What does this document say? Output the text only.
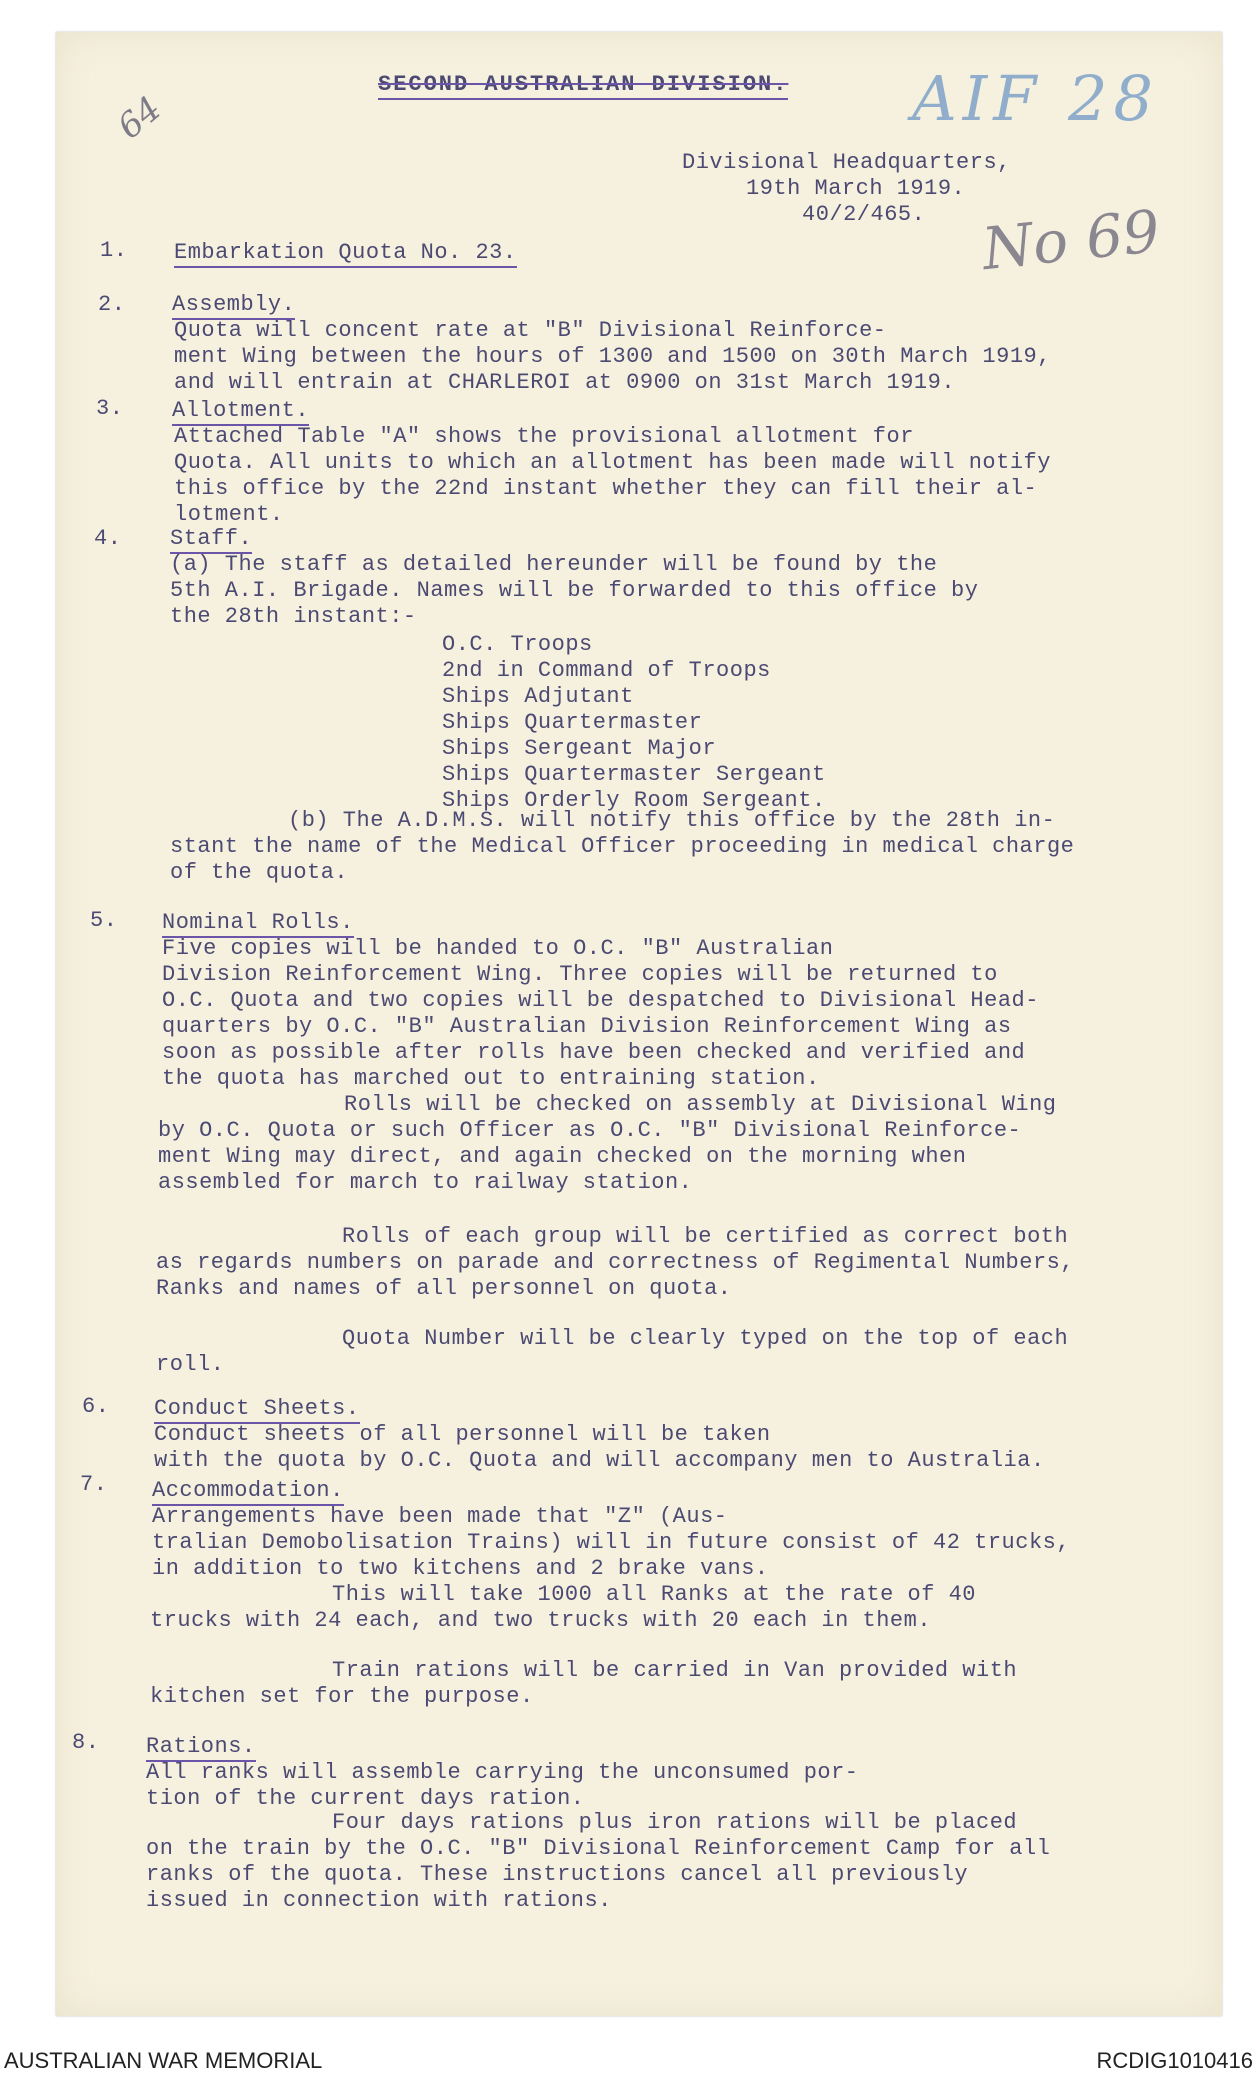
64	AIF 28
No 69
SECOND AUSTRALIAN DIVISION.
Divisional Headquarters,
19th March 1919.
40/2/465.
1. Embarkation Quota No. 23.
2. Assembly.
Quota will concent rate at "B" Divisional Reinforce-
ment Wing between the hours of 1300 and 1500 on 30th March 1919,
and will entrain at CHARLEROI at 0900 on 31st March 1919.
3. Allotment.
Attached Table "A" shows the provisional allotment for
Quota. All units to which an allotment has been made will notify
this office by the 22nd instant whether they can fill their al-
lotment.
4. Staff.
(a) The staff as detailed hereunder will be found by the
5th A.I. Brigade. Names will be forwarded to this office by
the 28th instant:-
O.C. Troops
2nd in Command of Troops
Ships Adjutant
Ships Quartermaster
Ships Sergeant Major
Ships Quartermaster Sergeant
Ships Orderly Room Sergeant.
(b) The A.D.M.S. will notify this office by the 28th in-
stant the name of the Medical Officer proceeding in medical charge
of the quota.
5. Nominal Rolls.
Five copies will be handed to O.C. "B" Australian
Division Reinforcement Wing. Three copies will be returned to
O.C. Quota and two copies will be despatched to Divisional Head-
quarters by O.C. "B" Australian Division Reinforcement Wing as
soon as possible after rolls have been checked and verified and
the quota has marched out to entraining station.
Rolls will be checked on assembly at Divisional Wing
by O.C. Quota or such Officer as O.C. "B" Divisional Reinforce-
ment Wing may direct, and again checked on the morning when
assembled for march to railway station.
Rolls of each group will be certified as correct both
as regards numbers on parade and correctness of Regimental Numbers,
Ranks and names of all personnel on quota.
Quota Number will be clearly typed on the top of each
roll.
6. Conduct Sheets.
Conduct sheets of all personnel will be taken
with the quota by O.C. Quota and will accompany men to Australia.
7. Accommodation.
Arrangements have been made that "Z" (Aus-
tralian Demobolisation Trains) will in future consist of 42 trucks,
in addition to two kitchens and 2 brake vans.
This will take 1000 all Ranks at the rate of 40
trucks with 24 each, and two trucks with 20 each in them.
Train rations will be carried in Van provided with
kitchen set for the purpose.
8. Rations.
All ranks will assemble carrying the unconsumed por-
tion of the current days ration.
Four days rations plus iron rations will be placed
on the train by the O.C. "B" Divisional Reinforcement Camp for all
ranks of the quota. These instructions cancel all previously
issued in connection with rations.
AUSTRALIAN WAR MEMORIAL	RCDIG1010416
